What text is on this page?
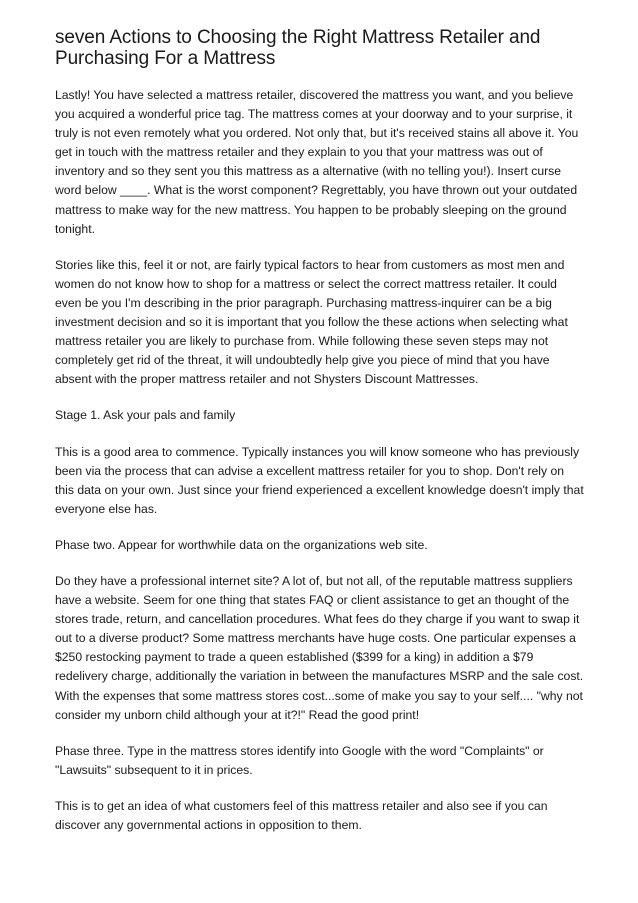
seven Actions to Choosing the Right Mattress Retailer and Purchasing For a Mattress

Lastly! You have selected a mattress retailer, discovered the mattress you want, and you believe you acquired a wonderful price tag. The mattress comes at your doorway and to your surprise, it truly is not even remotely what you ordered. Not only that, but it's received stains all above it. You get in touch with the mattress retailer and they explain to you that your mattress was out of inventory and so they sent you this mattress as a alternative (with no telling you!). Insert curse word below ____. What is the worst component? Regrettably, you have thrown out your outdated mattress to make way for the new mattress. You happen to be probably sleeping on the ground tonight.

Stories like this, feel it or not, are fairly typical factors to hear from customers as most men and women do not know how to shop for a mattress or select the correct mattress retailer. It could even be you I'm describing in the prior paragraph. Purchasing mattress-inquirer can be a big investment decision and so it is important that you follow the these actions when selecting what mattress retailer you are likely to purchase from. While following these seven steps may not completely get rid of the threat, it will undoubtedly help give you piece of mind that you have absent with the proper mattress retailer and not Shysters Discount Mattresses.

Stage 1. Ask your pals and family

This is a good area to commence. Typically instances you will know someone who has previously been via the process that can advise a excellent mattress retailer for you to shop. Don't rely on this data on your own. Just since your friend experienced a excellent knowledge doesn't imply that everyone else has.

Phase two. Appear for worthwhile data on the organizations web site.

Do they have a professional internet site? A lot of, but not all, of the reputable mattress suppliers have a website. Seem for one thing that states FAQ or client assistance to get an thought of the stores trade, return, and cancellation procedures. What fees do they charge if you want to swap it out to a diverse product? Some mattress merchants have huge costs. One particular expenses a $250 restocking payment to trade a queen established ($399 for a king) in addition a $79 redelivery charge, additionally the variation in between the manufactures MSRP and the sale cost. With the expenses that some mattress stores cost...some of make you say to your self.... "why not consider my unborn child although your at it?!" Read the good print!

Phase three. Type in the mattress stores identify into Google with the word "Complaints" or "Lawsuits" subsequent to it in prices.

This is to get an idea of what customers feel of this mattress retailer and also see if you can discover any governmental actions in opposition to them.
